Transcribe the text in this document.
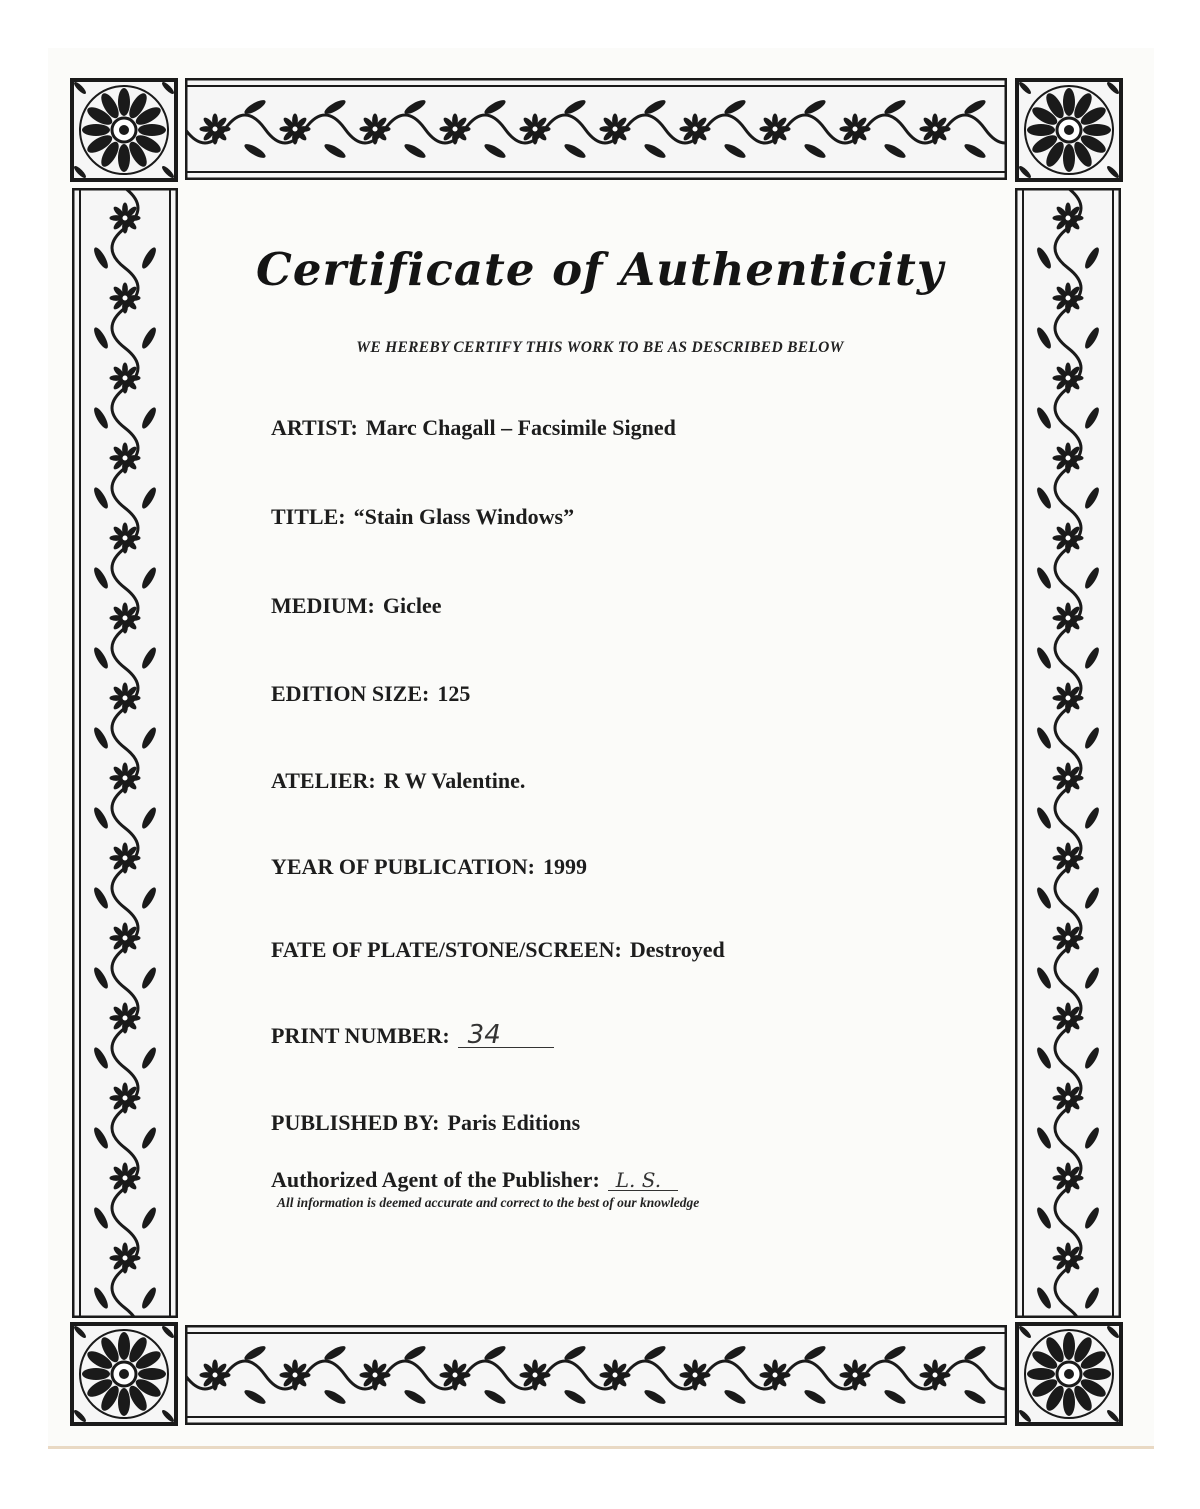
Certificate of Authenticity
WE HEREBY CERTIFY THIS WORK TO BE AS DESCRIBED BELOW
ARTIST: Marc Chagall – Facsimile Signed
TITLE: “Stain Glass Windows”
MEDIUM: Giclee
EDITION SIZE: 125
ATELIER: R W Valentine.
YEAR OF PUBLICATION: 1999
FATE OF PLATE/STONE/SCREEN: Destroyed
PRINT NUMBER: 34
PUBLISHED BY: Paris Editions
Authorized Agent of the Publisher: L. S.
All information is deemed accurate and correct to the best of our knowledge
